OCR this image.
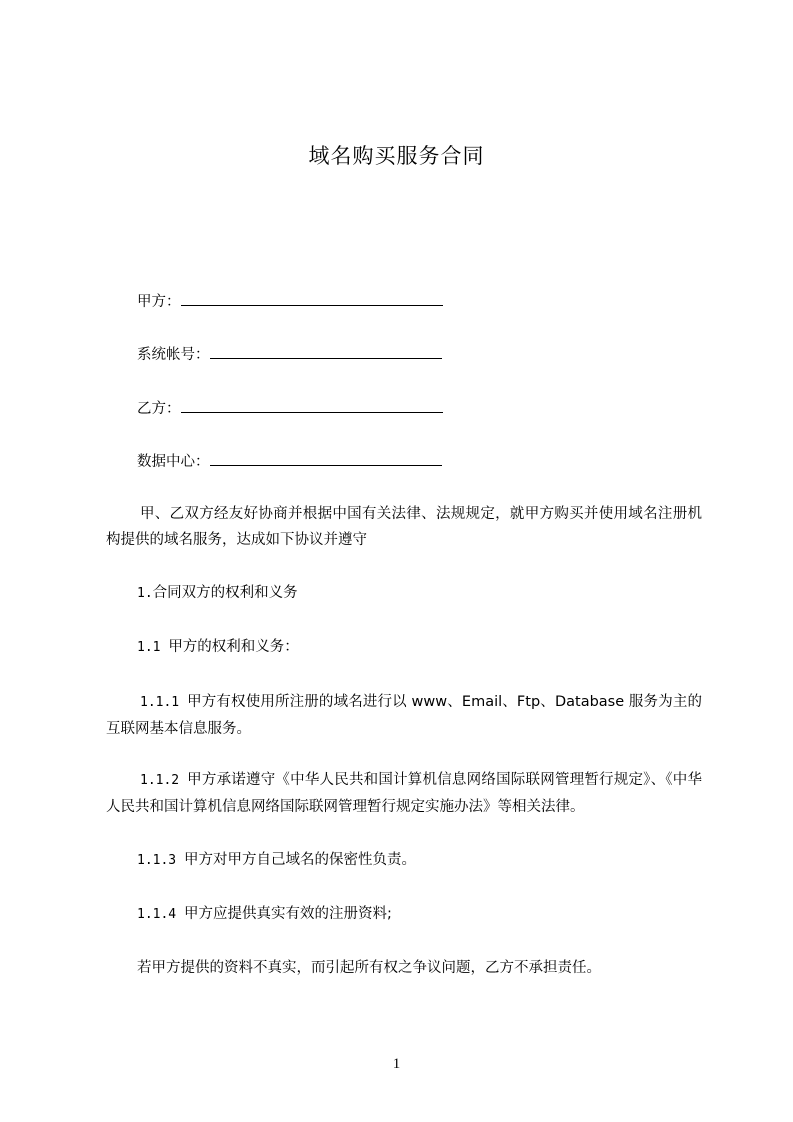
域名购买服务合同
甲方：
系统帐号：
乙方：
数据中心：
甲、乙双方经友好协商并根据中国有关法律、法规规定，就甲方购买并使用域名注册机构提供的域名服务，达成如下协议并遵守
1.合同双方的权利和义务
1.1 甲方的权利和义务：
1.1.1 甲方有权使用所注册的域名进行以 www、Email、Ftp、Database 服务为主的互联网基本信息服务。
1.1.2 甲方承诺遵守《中华人民共和国计算机信息网络国际联网管理暂行规定》、《中华人民共和国计算机信息网络国际联网管理暂行规定实施办法》等相关法律。
1.1.3 甲方对甲方自己域名的保密性负责。
1.1.4 甲方应提供真实有效的注册资料;
若甲方提供的资料不真实，而引起所有权之争议问题，乙方不承担责任。
1
